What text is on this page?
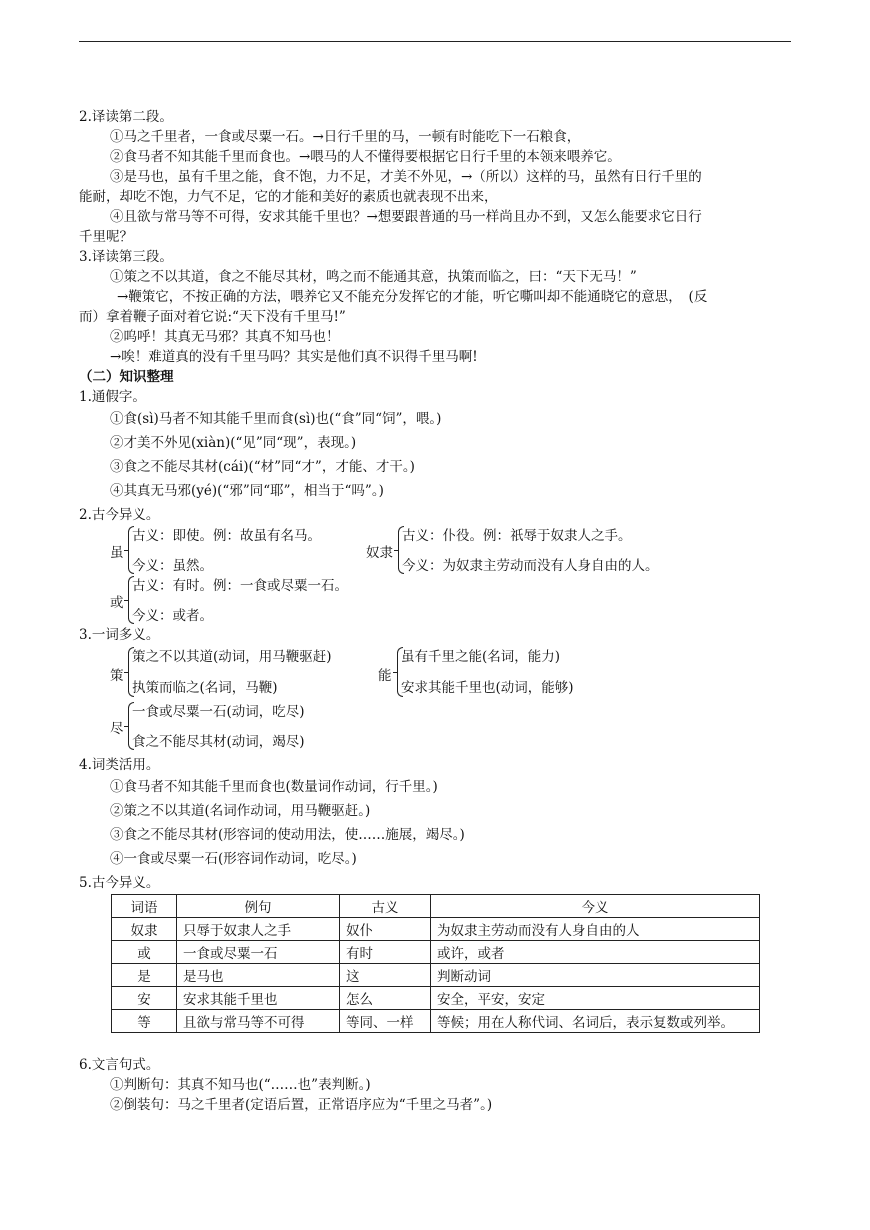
2.译读第二段。
①马之千里者，一食或尽粟一石。→日行千里的马，一顿有时能吃下一石粮食，
②食马者不知其能千里而食也。→喂马的人不懂得要根据它日行千里的本领来喂养它。
③是马也，虽有千里之能，食不饱，力不足，才美不外见，→（所以）这样的马，虽然有日行千里的
能耐，却吃不饱，力气不足，它的才能和美好的素质也就表现不出来，
④且欲与常马等不可得，安求其能千里也？→想要跟普通的马一样尚且办不到，又怎么能要求它日行
千里呢？
3.译读第三段。
①策之不以其道，食之不能尽其材，鸣之而不能通其意，执策而临之，曰：“天下无马！”
→鞭策它，不按正确的方法，喂养它又不能充分发挥它的才能，听它嘶叫却不能通晓它的意思，　(反
而）拿着鞭子面对着它说:“天下没有千里马!”
②呜呼！其真无马邪？其真不知马也！
→唉！难道真的没有千里马吗？其实是他们真不识得千里马啊!
（二）知识整理
1.通假字。
①食(sì)马者不知其能千里而食(sì)也(“食”同“饲”，喂。)
②才美不外见(xiàn)(“见”同“现”，表现。)
③食之不能尽其材(cái)(“材”同“才”，才能、才干。)
④其真无马邪(yé)(“邪”同“耶”，相当于“吗”。)
2.古今异义。
虽
古义：即使。例：故虽有名马。
今义：虽然。
奴隶
古义：仆役。例：祇辱于奴隶人之手。
今义：为奴隶主劳动而没有人身自由的人。
或
古义：有时。例：一食或尽粟一石。
今义：或者。
3.一词多义。
策
策之不以其道(动词，用马鞭驱赶)
执策而临之(名词，马鞭)
能
虽有千里之能(名词，能力)
安求其能千里也(动词，能够)
尽
一食或尽粟一石(动词，吃尽)
食之不能尽其材(动词，竭尽)
4.词类活用。
①食马者不知其能千里而食也(数量词作动词，行千里。)
②策之不以其道(名词作动词，用马鞭驱赶。)
③食之不能尽其材(形容词的使动用法，使……施展，竭尽。)
④一食或尽粟一石(形容词作动词，吃尽。)
5.古今异义。
词语	例句	古义	今义
奴隶	只辱于奴隶人之手	奴仆	为奴隶主劳动而没有人身自由的人
或	一食或尽粟一石	有时	或许，或者
是	是马也	这	判断动词
安	安求其能千里也	怎么	安全，平安，安定
等	且欲与常马等不可得	等同、一样	等候；用在人称代词、名词后，表示复数或列举。
6.文言句式。
①判断句：其真不知马也(“……也”表判断。)
②倒装句：马之千里者(定语后置，正常语序应为“千里之马者”。)
